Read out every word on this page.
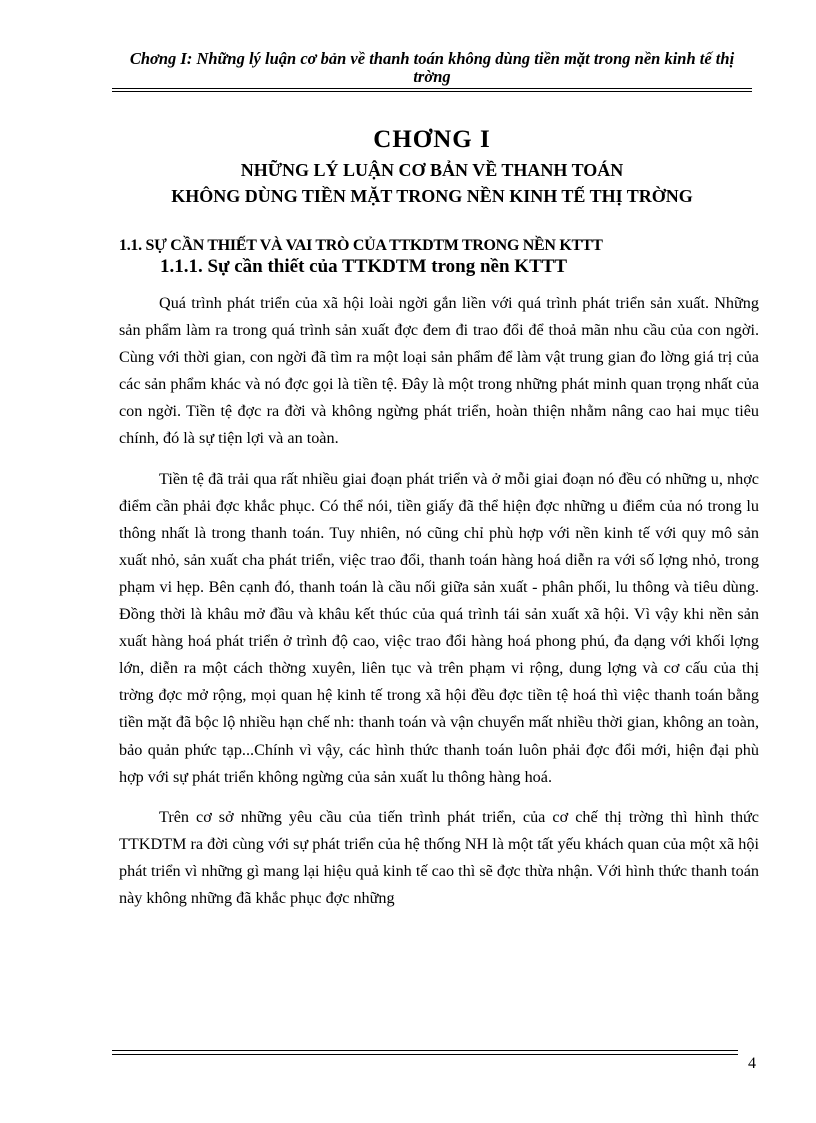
Chơng I: Những lý luận cơ bản về thanh toán không dùng tiền mặt trong nền kinh tế thị trờng
CHƠNG I
NHỮNG LÝ LUẬN CƠ BẢN VỀ THANH TOÁN
KHÔNG DÙNG TIỀN MẶT TRONG NỀN KINH TẾ THỊ TRỜNG
1.1. SỰ CẦN THIẾT VÀ VAI TRÒ CỦA TTKDTM TRONG NỀN KTTT
1.1.1. Sự cần thiết của TTKDTM trong nền KTTT

Quá trình phát triển của xã hội loài ngời gắn liền với quá trình phát triển sản xuất. Những sản phẩm làm ra trong quá trình sản xuất đợc đem đi trao đổi để thoả mãn nhu cầu của con ngời. Cùng với thời gian, con ngời đã tìm ra một loại sản phẩm để làm vật trung gian đo lờng giá trị của các sản phẩm khác và nó đợc gọi là tiền tệ. Đây là một trong những phát minh quan trọng nhất của con ngời. Tiền tệ đợc ra đời và không ngừng phát triển, hoàn thiện nhằm nâng cao hai mục tiêu chính, đó là sự tiện lợi và an toàn.

Tiền tệ đã trải qua rất nhiều giai đoạn phát triển và ở mỗi giai đoạn nó đều có những u, nhợc điểm cần phải đợc khắc phục. Có thể nói, tiền giấy đã thể hiện đợc những u điểm của nó trong lu thông nhất là trong thanh toán. Tuy nhiên, nó cũng chỉ phù hợp với nền kinh tế với quy mô sản xuất nhỏ, sản xuất cha phát triển, việc trao đổi, thanh toán hàng hoá diễn ra với số lợng nhỏ, trong phạm vi hẹp. Bên cạnh đó, thanh toán là cầu nối giữa sản xuất - phân phối, lu thông và tiêu dùng. Đồng thời là khâu mở đầu và khâu kết thúc của quá trình tái sản xuất xã hội. Vì vậy khi nền sản xuất hàng hoá phát triển ở trình độ cao, việc trao đổi hàng hoá phong phú, đa dạng với khối lợng lớn, diễn ra một cách thờng xuyên, liên tục và trên phạm vi rộng, dung lợng và cơ cấu của thị trờng đợc mở rộng, mọi quan hệ kinh tế trong xã hội đều đợc tiền tệ hoá thì việc thanh toán bằng tiền mặt đã bộc lộ nhiều hạn chế nh: thanh toán và vận chuyển mất nhiều thời gian, không an toàn, bảo quản phức tạp...Chính vì vậy, các hình thức thanh toán luôn phải đợc đổi mới, hiện đại phù hợp với sự phát triển không ngừng của sản xuất lu thông hàng hoá.

Trên cơ sở những yêu cầu của tiến trình phát triển, của cơ chế thị trờng thì hình thức TTKDTM ra đời cùng với sự phát triển của hệ thống NH là một tất yếu khách quan của một xã hội phát triển vì những gì mang lại hiệu quả kinh tế cao thì sẽ đợc thừa nhận. Với hình thức thanh toán này không những đã khắc phục đợc những

4
